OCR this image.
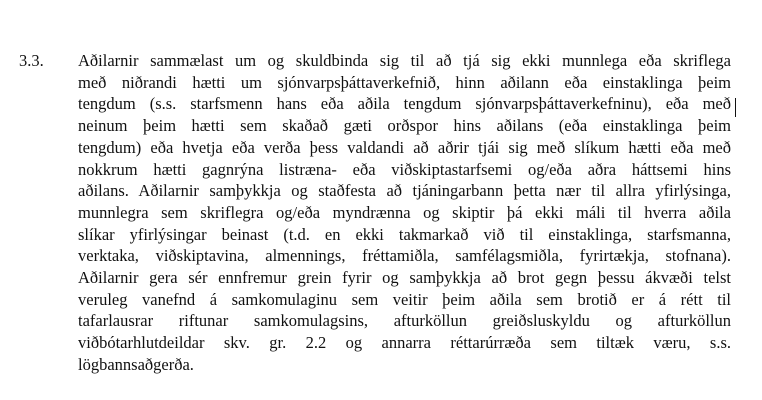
3.3. Aðilarnir sammælast um og skuldbinda sig til að tjá sig ekki munnlega eða skriflega
með niðrandi hætti um sjónvarpsþáttaverkefnið, hinn aðilann eða einstaklinga þeim
tengdum (s.s. starfsmenn hans eða aðila tengdum sjónvarpsþáttaverkefninu), eða með
neinum þeim hætti sem skaðað gæti orðspor hins aðilans (eða einstaklinga þeim
tengdum) eða hvetja eða verða þess valdandi að aðrir tjái sig með slíkum hætti eða með
nokkrum hætti gagnrýna listræna- eða viðskiptastarfsemi og/eða aðra háttsemi hins
aðilans. Aðilarnir samþykkja og staðfesta að tjáningarbann þetta nær til allra yfirlýsinga,
munnlegra sem skriflegra og/eða myndrænna og skiptir þá ekki máli til hverra aðila
slíkar yfirlýsingar beinast (t.d. en ekki takmarkað við til einstaklinga, starfsmanna,
verktaka, viðskiptavina, almennings, fréttamiðla, samfélagsmiðla, fyrirtækja, stofnana).
Aðilarnir gera sér ennfremur grein fyrir og samþykkja að brot gegn þessu ákvæði telst
veruleg vanefnd á samkomulaginu sem veitir þeim aðila sem brotið er á rétt til
tafarlausrar riftunar samkomulagsins, afturköllun greiðsluskyldu og afturköllun
viðbótarhlutdeildar skv. gr. 2.2 og annarra réttarúrræða sem tiltæk væru, s.s.
lögbannsaðgerða.
